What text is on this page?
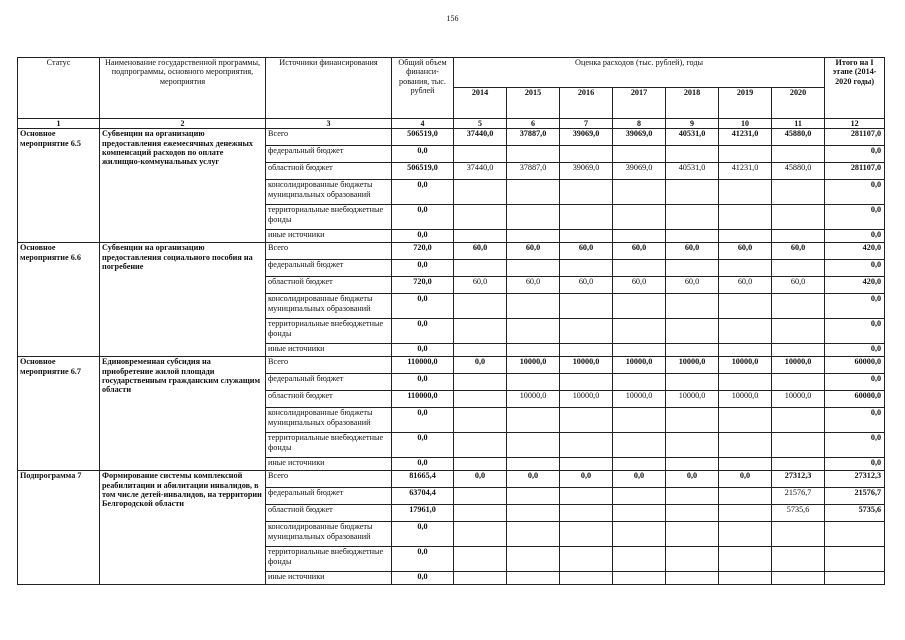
156
Статус	Наименование государственной программы, подпрограммы, основного мероприятия, мероприятия	Источники финансирования	Общий объем финанси-рования, тыс. рублей	Оценка расходов (тыс. рублей), годы							Итого на I этапе (2014-2020 годы)
				2014	2015	2016	2017	2018	2019	2020	
1	2	3	4	5	6	7	8	9	10	11	12
Основное мероприятие 6.5	Субвенции на организацию предоставления ежемесячных денежных компенсаций расходов по оплате жилищно-коммунальных услуг	Всего	506519,0	37440,0	37887,0	39069,0	39069,0	40531,0	41231,0	45880,0	281107,0
		федеральный бюджет	0,0								0,0
		областной бюджет	506519,0	37440,0	37887,0	39069,0	39069,0	40531,0	41231,0	45880,0	281107,0
		консолидированные бюджеты муниципальных образований	0,0								0,0
		территориальные внебюджетные фонды	0,0								0,0
		иные источники	0,0								0,0
Основное мероприятие 6.6	Субвенции на организацию предоставления социального пособия на погребение	Всего	720,0	60,0	60,0	60,0	60,0	60,0	60,0	60,0	420,0
		федеральный бюджет	0,0								0,0
		областной бюджет	720,0	60,0	60,0	60,0	60,0	60,0	60,0	60,0	420,0
		консолидированные бюджеты муниципальных образований	0,0								0,0
		территориальные внебюджетные фонды	0,0								0,0
		иные источники	0,0								0,0
Основное мероприятие 6.7	Единовременная субсидия на приобретение жилой площади государственным гражданским служащим области	Всего	110000,0	0,0	10000,0	10000,0	10000,0	10000,0	10000,0	10000,0	60000,0
		федеральный бюджет	0,0								0,0
		областной бюджет	110000,0		10000,0	10000,0	10000,0	10000,0	10000,0	10000,0	60000,0
		консолидированные бюджеты муниципальных образований	0,0								0,0
		территориальные внебюджетные фонды	0,0								0,0
		иные источники	0,0								0,0
Подпрограмма 7	Формирование системы комплексной реабилитации и абилитации инвалидов, в том числе детей-инвалидов, на территории Белгородской области	Всего	81665,4	0,0	0,0	0,0	0,0	0,0	0,0	27312,3	27312,3
		федеральный бюджет	63704,4							21576,7	21576,7
		областной бюджет	17961,0							5735,6	5735,6
		консолидированные бюджеты муниципальных образований	0,0								
		территориальные внебюджетные фонды	0,0								
		иные источники	0,0								
